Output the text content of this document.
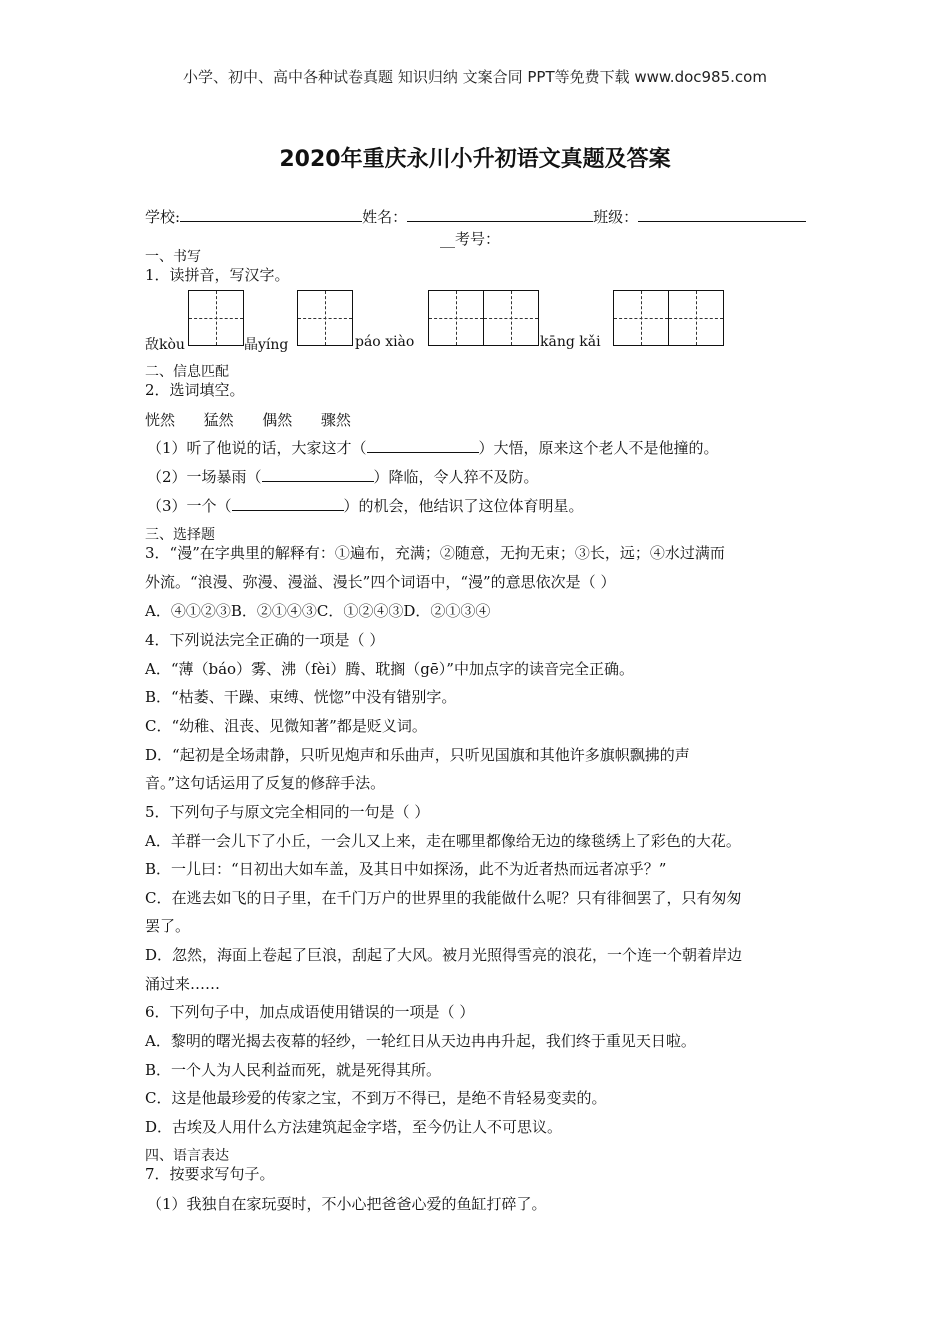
小学、初中、高中各种试卷真题 知识归纳 文案合同 PPT等免费下载 www.doc985.com
2020年重庆永川小升初语文真题及答案
学校:	姓名：	班级：
__考号：
一、书写
1．读拼音，写汉字。
敌kòu	晶yíng	páo xiào	kāng kǎi
二、信息匹配
2．选词填空。
恍然      猛然      偶然      骤然
（1）听了他说的话，大家这才（	）大悟，原来这个老人不是他撞的。
（2）一场暴雨（	）降临，令人猝不及防。
（3）一个（	）的机会，他结识了这位体育明星。
三、选择题
3．“漫”在字典里的解释有：①遍布，充满；②随意，无拘无束；③长，远；④水过满而
外流。“浪漫、弥漫、漫溢、漫长”四个词语中，“漫”的意思依次是（ ）
A．④①②③B．②①④③C．①②④③D．②①③④
4．下列说法完全正确的一项是（ ）
A．“薄（báo）雾、沸（fèi）腾、耽搁（gē）”中加点字的读音完全正确。
B．“枯萎、干躁、束缚、恍惚”中没有错别字。
C．“幼稚、沮丧、见微知著”都是贬义词。
D．“起初是全场肃静，只听见炮声和乐曲声，只听见国旗和其他许多旗帜飘拂的声
音。”这句话运用了反复的修辞手法。
5．下列句子与原文完全相同的一句是（ ）
A．羊群一会儿下了小丘，一会儿又上来，走在哪里都像给无边的缘毯绣上了彩色的大花。
B．一儿曰：“日初出大如车盖，及其日中如探汤，此不为近者热而远者凉乎？”
C．在逃去如飞的日子里，在千门万户的世界里的我能做什么呢？只有徘徊罢了，只有匆匆
罢了。
D．忽然，海面上卷起了巨浪，刮起了大风。被月光照得雪亮的浪花，一个连一个朝着岸边
涌过来……
6．下列句子中，加点成语使用错误的一项是（ ）
A．黎明的曙光揭去夜幕的轻纱，一轮红日从天边冉冉升起，我们终于重见天日啦。
B．一个人为人民利益而死，就是死得其所。
C．这是他最珍爱的传家之宝，不到万不得已，是绝不肯轻易变卖的。
D．古埃及人用什么方法建筑起金字塔，至今仍让人不可思议。
四、语言表达
7．按要求写句子。
（1）我独自在家玩耍时，不小心把爸爸心爱的鱼缸打碎了。
